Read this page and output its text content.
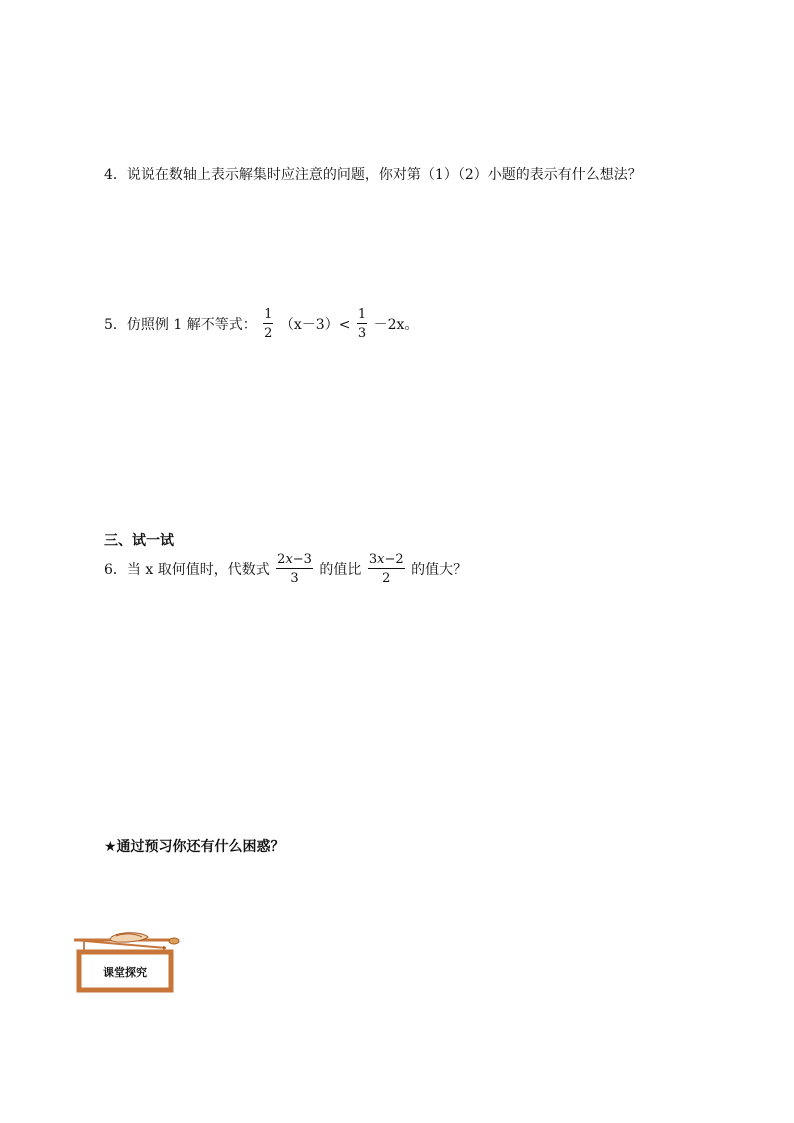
4．说说在数轴上表示解集时应注意的问题，你对第（1）（2）小题的表示有什么想法？
5．仿照例 1 解不等式： $\frac{1}{2} (x-3)< \frac{1}{3} -2x$。
三、试一试
6．当 x 取何值时，代数式 $\frac{2x-3}{3}$ 的值比 $\frac{3x-2}{2}$ 的值大？
★通过预习你还有什么困惑？
课堂探究
